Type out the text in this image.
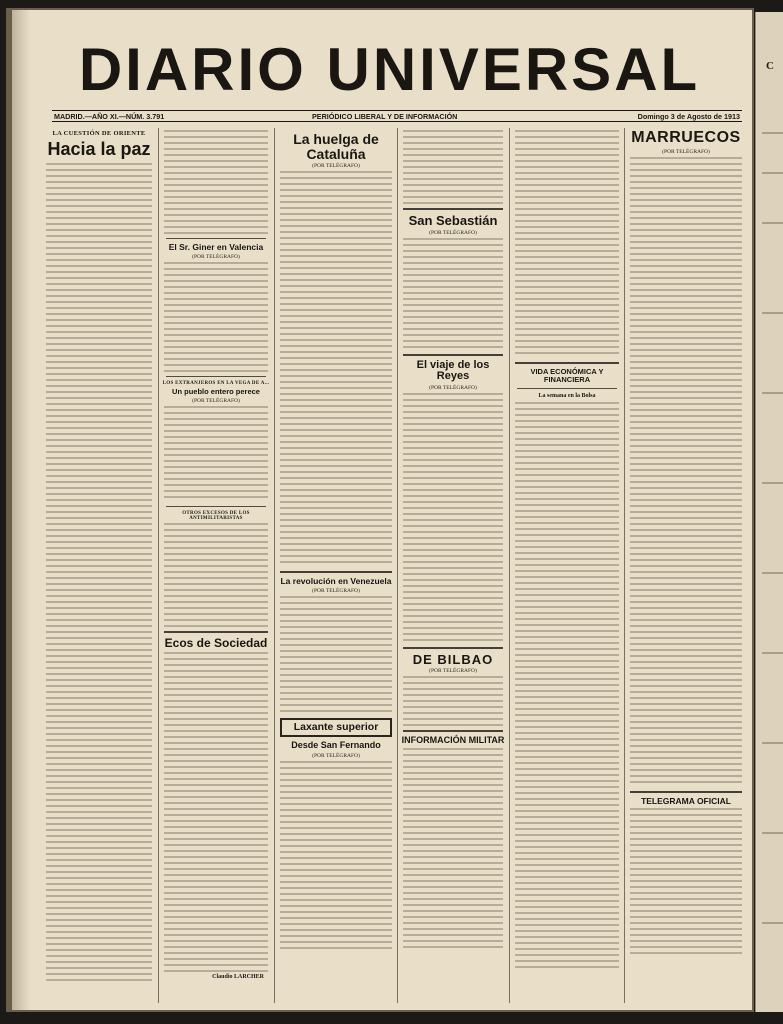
C
DIARIO UNIVERSAL
MADRID.—AÑO XI.—NÚM. 3.791	PERIÓDICO LIBERAL Y DE INFORMACIÓN	Domingo 3 de Agosto de 1913
LA CUESTIÓN DE ORIENTE
Hacia la paz
El Sr. Giner en Valencia
(POR TELÉGRAFO)
LOS EXTRANJEROS EN LA VEGA DE A...
Un pueblo entero perece
(POR TELÉGRAFO)
OTROS EXCESOS DE LOS ANTIMILITARISTAS
Ecos de Sociedad
Claudio LARCHER
La huelga de Cataluña
(POR TELÉGRAFO)
La revolución en Venezuela
(POR TELÉGRAFO)
Laxante superior
Desde San Fernando
(POR TELÉGRAFO)
San Sebastián
(POR TELÉGRAFO)
El viaje de los Reyes
(POR TELÉGRAFO)
DE BILBAO
(POR TELÉGRAFO)
INFORMACIÓN MILITAR
VIDA ECONÓMICA Y FINANCIERA
La semana en la Bolsa
MARRUECOS
(POR TELÉGRAFO)
TELEGRAMA OFICIAL
